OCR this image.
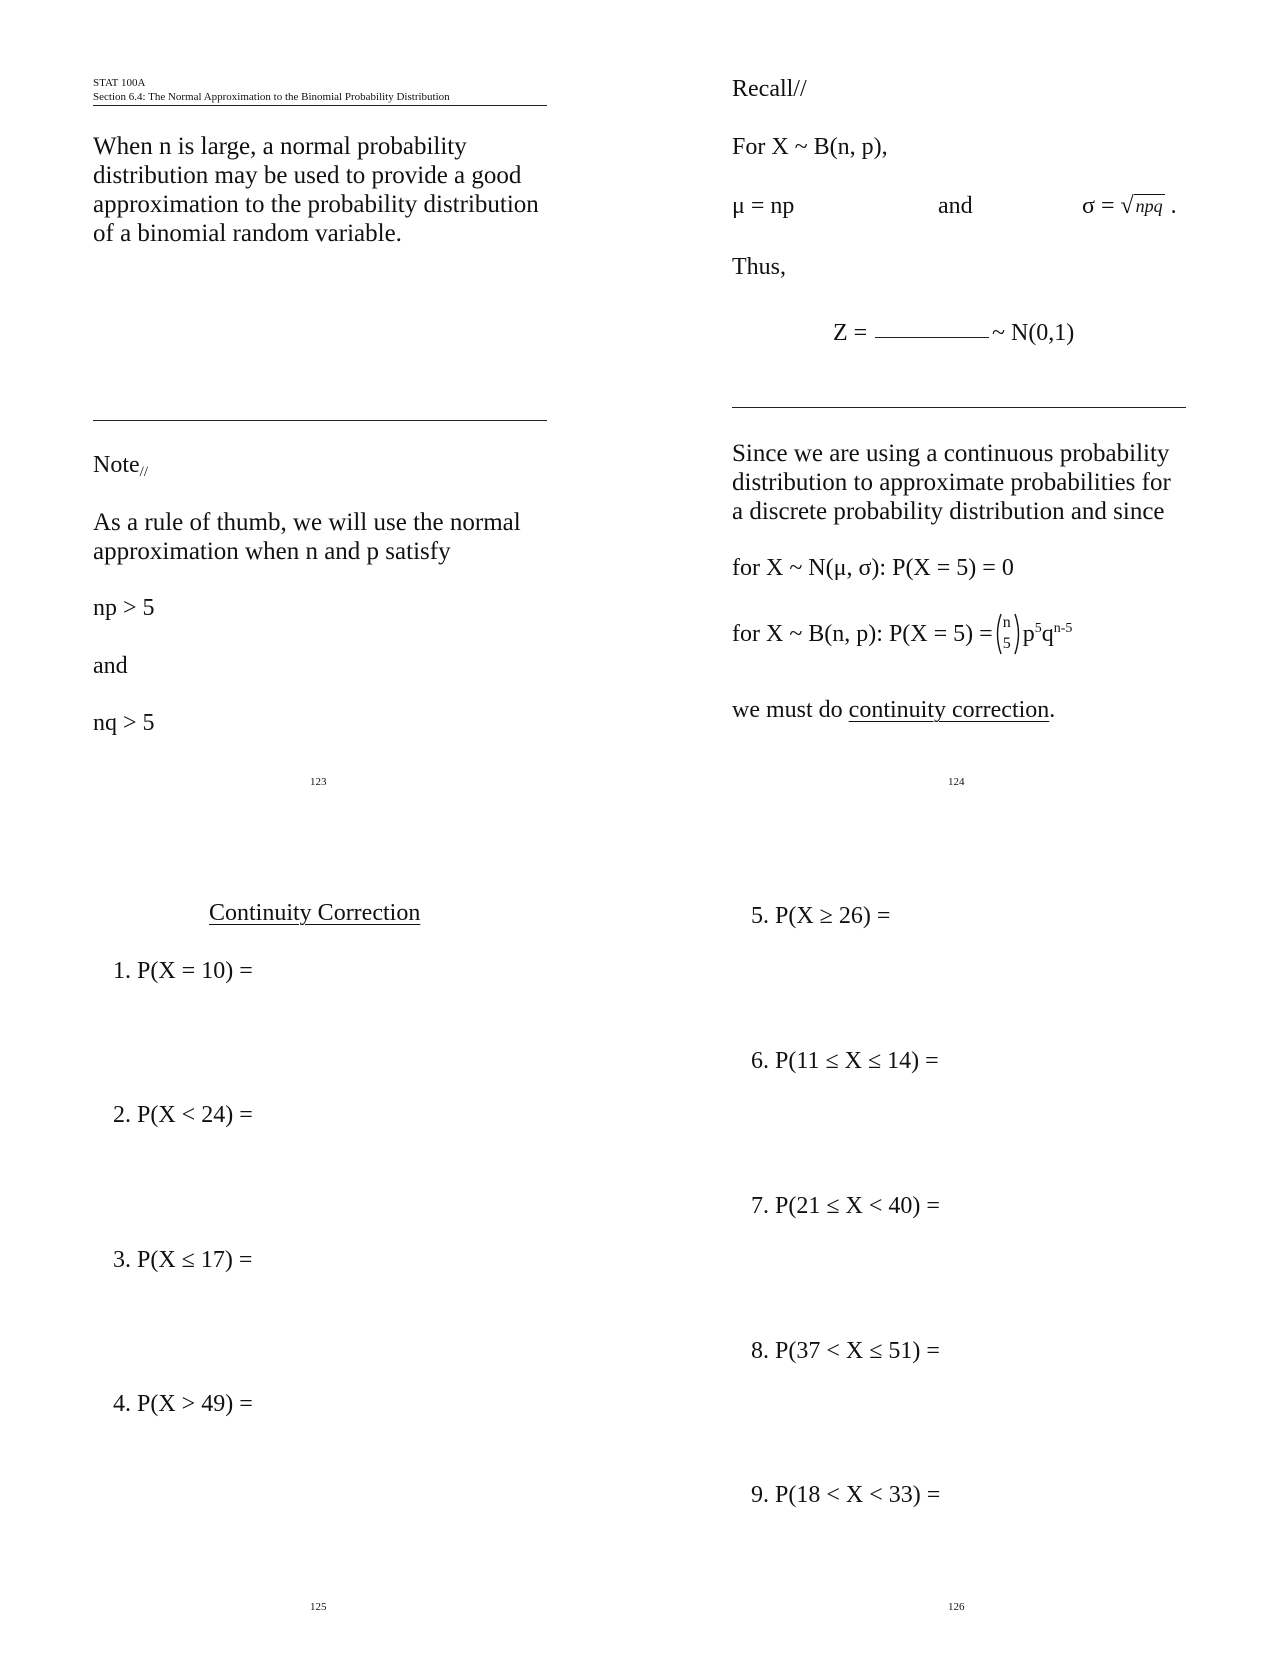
STAT 100A
Section 6.4: The Normal Approximation to the Binomial Probability Distribution
When n is large, a normal probability
distribution may be used to provide a good
approximation to the probability distribution
of a binomial random variable.
Note$_{//}$
As a rule of thumb, we will use the normal
approximation when n and p satisfy
np > 5
and
nq > 5
123
Recall//
For X ~ B(n, p),
μ = np	and	σ = √ npq .
Thus,
Z =	~ N(0,1)
Since we are using a continuous probability
distribution to approximate probabilities for
a discrete probability distribution and since
for X ~ N(μ, σ): P(X = 5) = 0
for X ~ B(n, p): P(X = 5) = n
5 $p^5$ $q^{n-5}$
we must do continuity correction.
124
Continuity Correction
1. P(X = 10) =
2. P(X < 24) =
3. P(X ≤ 17) =
4. P(X > 49) =
125
5. P(X ≥ 26) =
6. P(11 ≤ X ≤ 14) =
7. P(21 ≤ X < 40) =
8. P(37 < X ≤ 51) =
9. P(18 < X < 33) =
126
